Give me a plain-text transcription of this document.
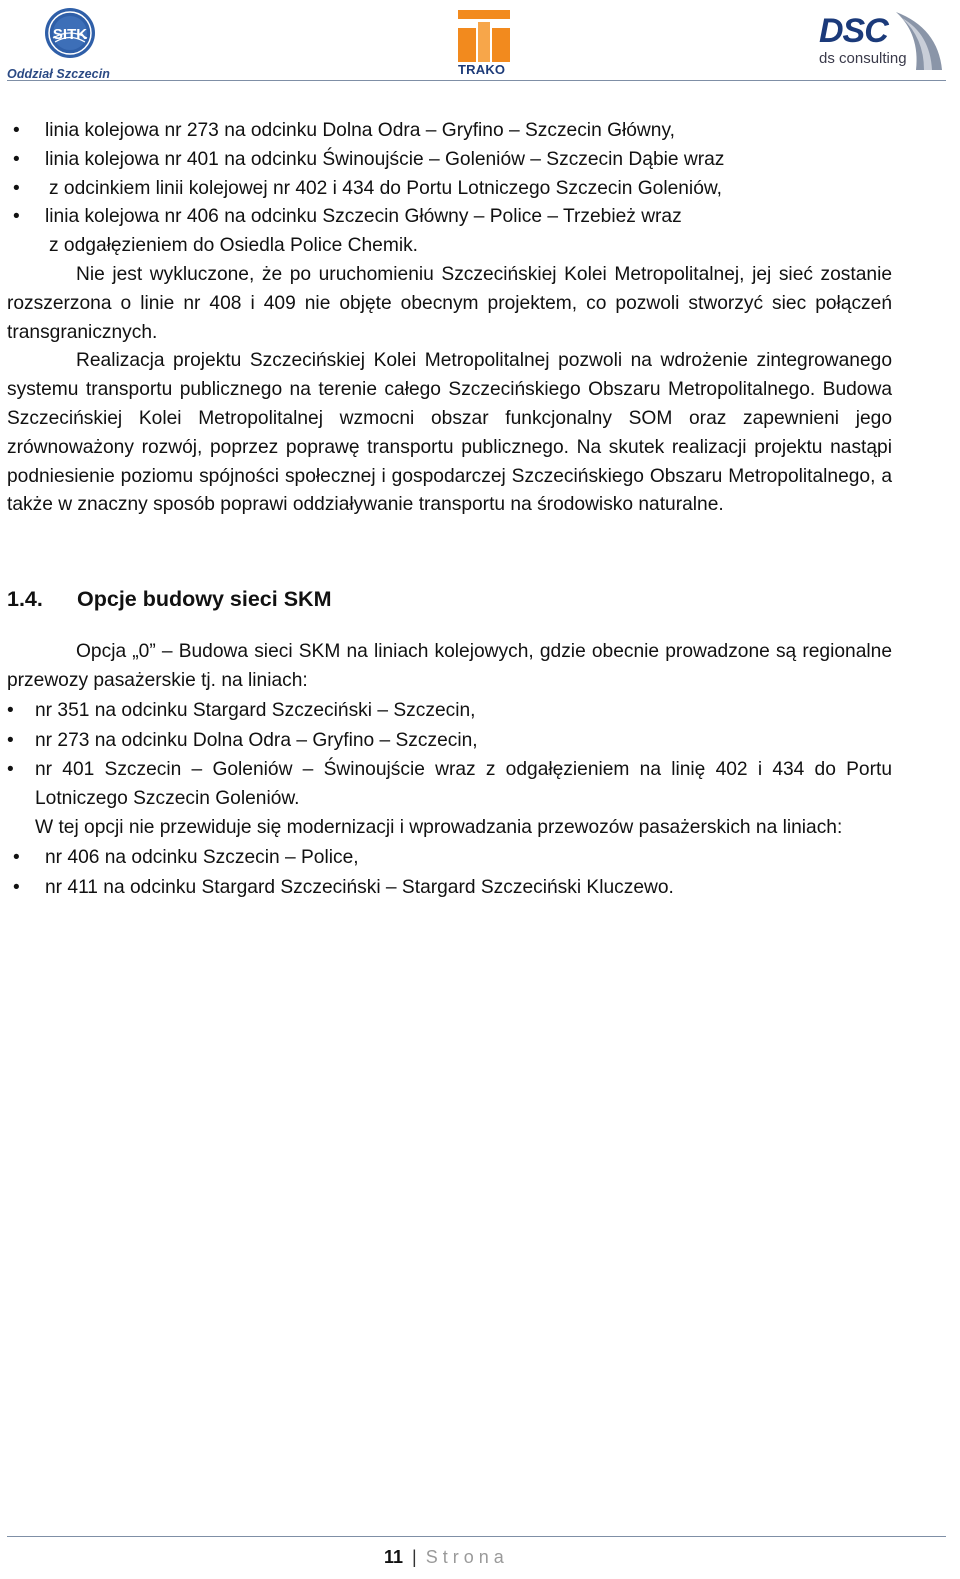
SITK
Oddział Szczecin	TRAKO
DSC
ds consulting

• linia kolejowa nr 273 na odcinku Dolna Odra – Gryfino – Szczecin Główny,

• linia kolejowa nr 401 na odcinku Świnoujście – Goleniów – Szczecin Dąbie wraz

• z odcinkiem linii kolejowej nr 402 i 434 do Portu Lotniczego Szczecin Goleniów,

• linia kolejowa nr 406 na odcinku Szczecin Główny – Police – Trzebież wraz

z odgałęzieniem do Osiedla Police Chemik.

Nie jest wykluczone, że po uruchomieniu Szczecińskiej Kolei Metropolitalnej, jej sieć zostanie rozszerzona o linie nr 408 i 409 nie objęte obecnym projektem, co pozwoli stworzyć siec połączeń transgranicznych.

Realizacja projektu Szczecińskiej Kolei Metropolitalnej pozwoli na wdrożenie zintegrowanego systemu transportu publicznego na terenie całego Szczecińskiego Obszaru Metropolitalnego. Budowa Szczecińskiej Kolei Metropolitalnej wzmocni obszar funkcjonalny SOM oraz zapewnieni jego zrównoważony rozwój, poprzez poprawę transportu publicznego. Na skutek realizacji projektu nastąpi podniesienie poziomu spójności społecznej i gospodarczej Szczecińskiego Obszaru Metropolitalnego, a także w znaczny sposób poprawi oddziaływanie transportu na środowisko naturalne.

1.4.	Opcje budowy sieci SKM

Opcja „0” – Budowa sieci SKM na liniach kolejowych, gdzie obecnie prowadzone są regionalne przewozy pasażerskie tj. na liniach:

• nr 351 na odcinku Stargard Szczeciński – Szczecin,

• nr 273 na odcinku Dolna Odra – Gryfino – Szczecin,

• nr 401 Szczecin – Goleniów – Świnoujście wraz z odgałęzieniem na linię 402 i 434 do Portu Lotniczego Szczecin Goleniów.

W tej opcji nie przewiduje się modernizacji i wprowadzania przewozów pasażerskich na liniach:

• nr 406 na odcinku Szczecin – Police,

• nr 411 na odcinku Stargard Szczeciński – Stargard Szczeciński Kluczewo.

11 | Strona
